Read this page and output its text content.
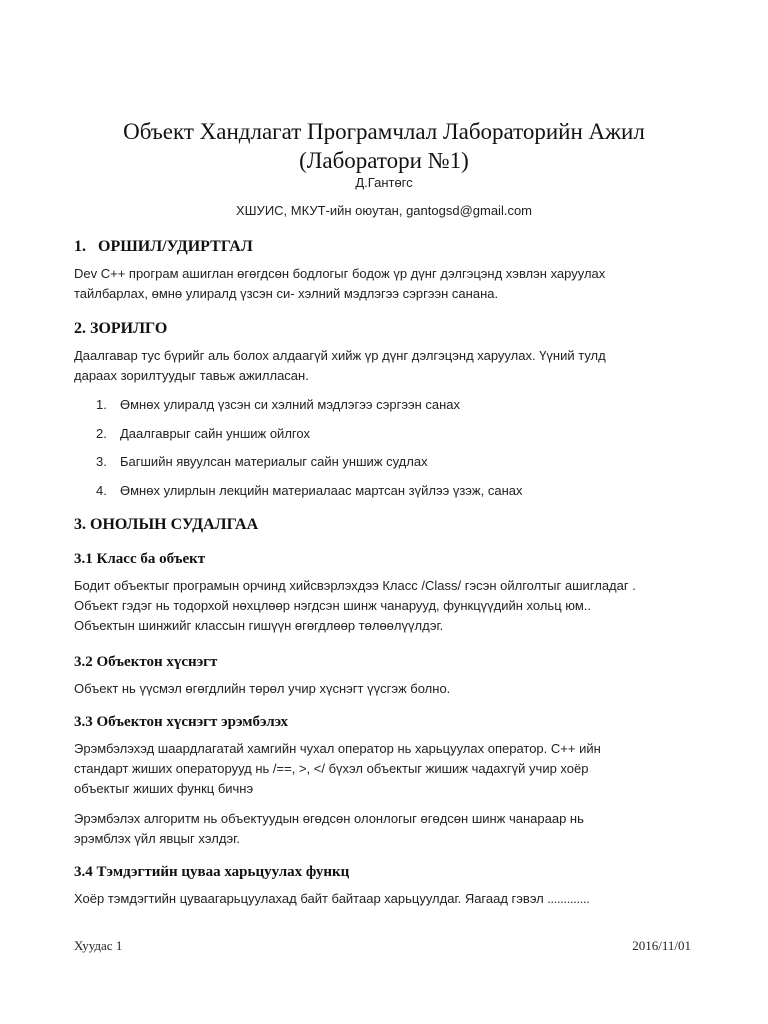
Объект Хандлагат Програмчлал Лабораторийн Ажил
(Лаборатори №1)
Д.Гантөгс
ХШУИС, МКУТ-ийн оюутан, gantogsd@gmail.com
1. ОРШИЛ/УДИРТГАЛ
Dev C++ програм ашиглан өгөгдсөн бодлогыг бодож үр дүнг дэлгэцэнд хэвлэн харуулах
тайлбарлах, өмнө улиралд үзсэн си- хэлний мэдлэгээ сэргээн санана.
2. ЗОРИЛГО
Даалгавар тус бүрийг аль болох алдаагүй хийж үр дүнг дэлгэцэнд харуулах. Үүний тулд
дараах зорилтуудыг тавьж ажилласан.
1.	Өмнөх улиралд үзсэн си хэлний мэдлэгээ сэргээн санах
2.	Даалгаврыг сайн уншиж ойлгох
3.	Багшийн явуулсан материалыг сайн уншиж судлах
4.	Өмнөх улирлын лекцийн материалаас мартсан зүйлээ үзэж, санах
3. ОНОЛЫН СУДАЛГАА
3.1 Класс ба объект
Бодит объектыг програмын орчинд хийсвэрлэхдээ Класс /Class/ гэсэн ойлголтыг ашигладаг .
Объект гэдэг нь тодорхой нөхцлөөр нэгдсэн шинж чанарууд, функцүүдийн хольц юм..
Объектын шинжийг классын гишүүн өгөгдлөөр төлөөлүүлдэг.
3.2 Объектон хүснэгт
Объект нь үүсмэл өгөгдлийн төрөл учир хүснэгт үүсгэж болно.
3.3 Объектон хүснэгт эрэмбэлэх
Эрэмбэлэхэд шаардлагатай хамгийн чухал оператор нь харьцуулах оператор. С++ ийн
стандарт жиших операторууд нь /==, >, </ бүхэл объектыг жишиж чадахгүй учир хоёр
объектыг жиших функц бичнэ
Эрэмбэлэх алгоритм нь объектуудын өгөдсөн олонлогыг өгөдсөн шинж чанараар нь
эрэмблэх үйл явцыг хэлдэг.
3.4 Тэмдэгтийн цуваа харьцуулах функц
Хоёр тэмдэгтийн цуваагарьцуулахад байт байтаар харьцуулдаг. Яагаад гэвэл .............
Хуудас 1	2016/11/01
